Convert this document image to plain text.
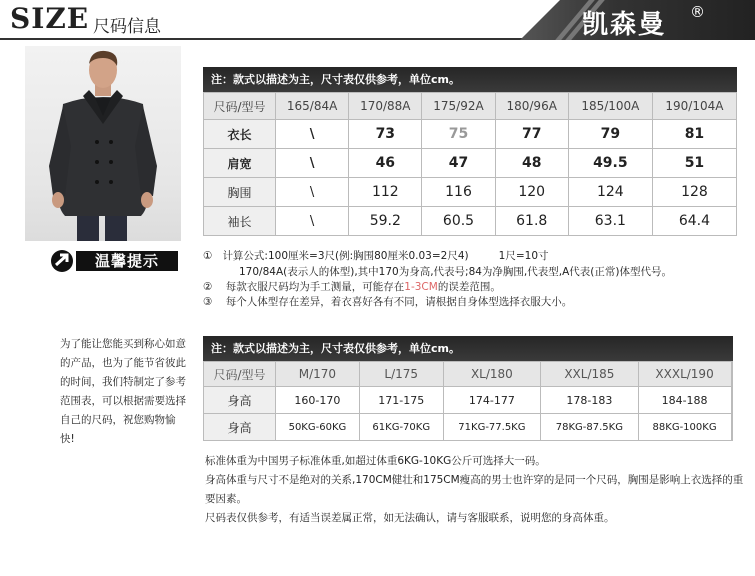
SIZE 尺码信息	凯森曼 ®
温馨提示
注：款式以描述为主，尺寸表仅供参考，单位cm。
尺码/型号	165/84A	170/88A	175/92A	180/96A	185/100A	190/104A
衣长	\	73	75	77	79	81
肩宽	\	46	47	48	49.5	51
胸围	\	112	116	120	124	128
袖长	\	59.2	60.5	61.8	63.1	64.4
① 计算公式:100厘米=3尺(例:胸围80厘米0.03=2尺4)	1尺=10寸
170/84A(表示人的体型),其中170为身高,代表号;84为净胸围,代表型,A代表(正常)体型代号。
② 每款衣服尺码均为手工测量，可能存在1-3CM的误差范围。
③ 每个人体型存在差异，着衣喜好各有不同，请根据自身体型选择衣服大小。
为了能让您能买到称心如意的产品，也为了能节省彼此的时间，我们特制定了参考范围表，可以根据需要选择自己的尺码，祝您购物愉快!
注：款式以描述为主，尺寸表仅供参考，单位cm。
尺码/型号	M/170	L/175	XL/180	XXL/185	XXXL/190	
身高	160-170	171-175	174-177	178-183	184-188	
身高	50KG-60KG	61KG-70KG	71KG-77.5KG	78KG-87.5KG	88KG-100KG	
标准体重为中国男子标准体重,如超过体重6KG-10KG公斤可选择大一码。
身高体重与尺寸不是绝对的关系,170CM健壮和175CM瘦高的男士也许穿的是同一个尺码，胸围是影响上衣选择的重要因素。
尺码表仅供参考，有适当误差属正常，如无法确认，请与客服联系，说明您的身高体重。
